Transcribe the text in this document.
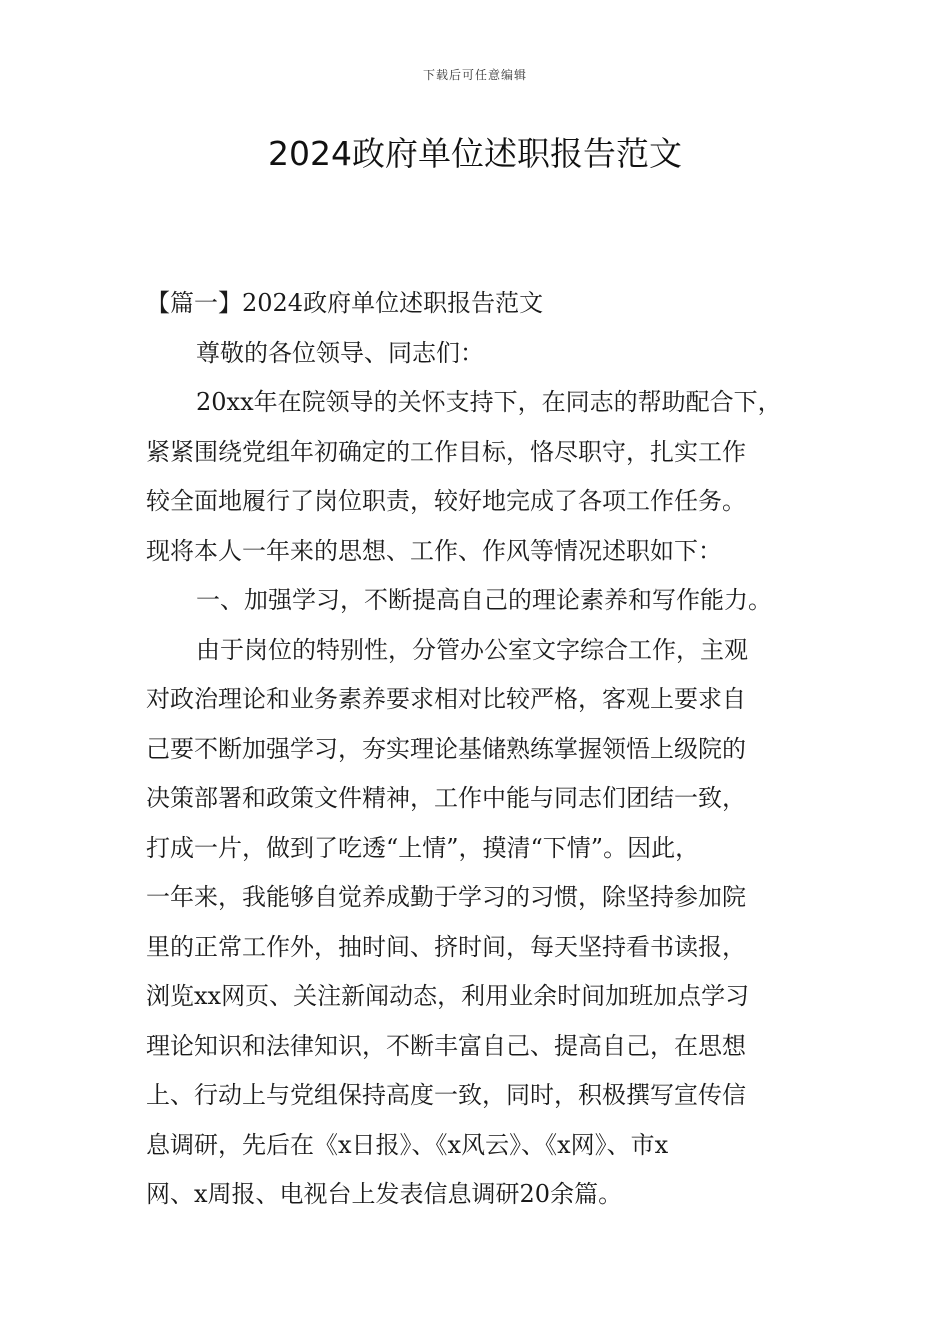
下载后可任意编辑
2024政府单位述职报告范文
【篇一】2024政府单位述职报告范文
尊敬的各位领导、同志们：
20xx年在院领导的关怀支持下，在同志的帮助配合下，
紧紧围绕党组年初确定的工作目标，恪尽职守，扎实工作
较全面地履行了岗位职责，较好地完成了各项工作任务。
现将本人一年来的思想、工作、作风等情况述职如下：
一、加强学习，不断提高自己的理论素养和写作能力。
由于岗位的特别性，分管办公室文字综合工作，主观
对政治理论和业务素养要求相对比较严格，客观上要求自
己要不断加强学习，夯实理论基储熟练掌握领悟上级院的
决策部署和政策文件精神，工作中能与同志们团结一致，
打成一片，做到了吃透“上情”，摸清“下情”。因此，
一年来，我能够自觉养成勤于学习的习惯，除坚持参加院
里的正常工作外，抽时间、挤时间，每天坚持看书读报，
浏览xx网页、关注新闻动态，利用业余时间加班加点学习
理论知识和法律知识，不断丰富自己、提高自己，在思想
上、行动上与党组保持高度一致，同时，积极撰写宣传信
息调研，先后在《x日报》、《x风云》、《x网》、市x
网、x周报、电视台上发表信息调研20余篇。
